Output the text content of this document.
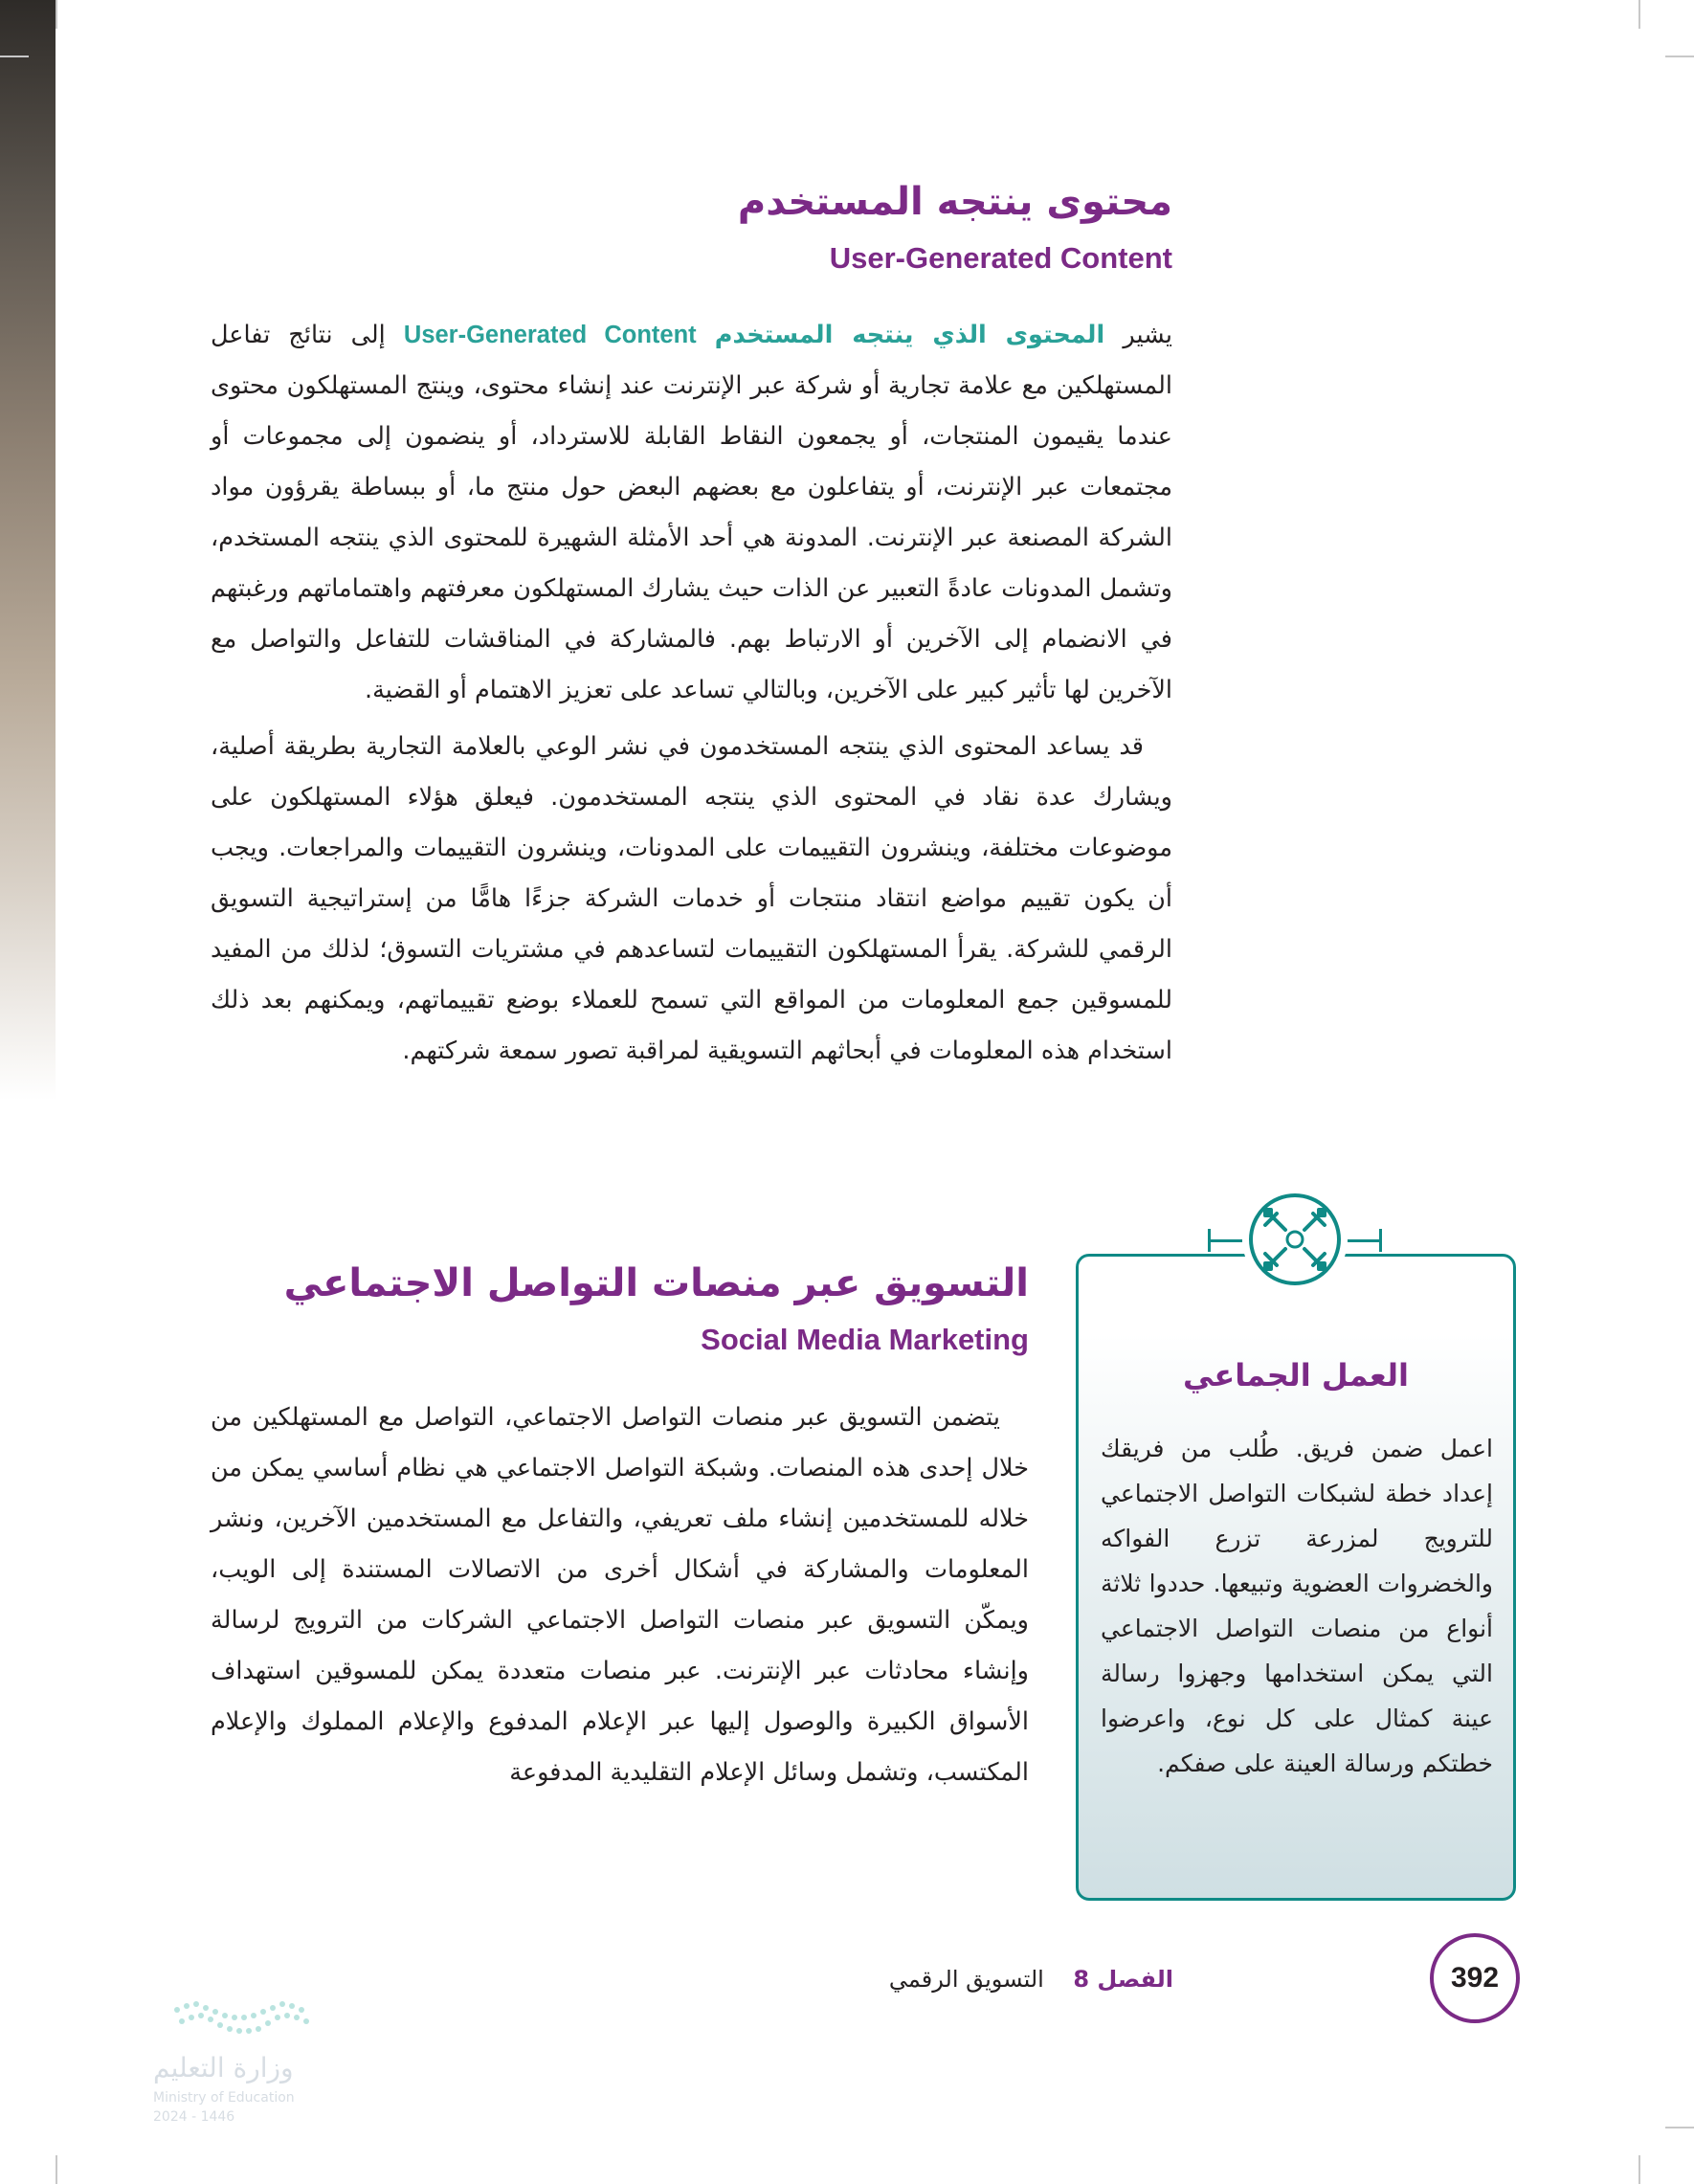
محتوى ينتجه المستخدم
User-Generated Content

يشير المحتوى الذي ينتجه المستخدم User-Generated Content إلى نتائج تفاعل المستهلكين مع علامة تجارية أو شركة عبر الإنترنت عند إنشاء محتوى، وينتج المستهلكون محتوى عندما يقيمون المنتجات، أو يجمعون النقاط القابلة للاسترداد، أو ينضمون إلى مجموعات أو مجتمعات عبر الإنترنت، أو يتفاعلون مع بعضهم البعض حول منتج ما، أو ببساطة يقرؤون مواد الشركة المصنعة عبر الإنترنت. المدونة هي أحد الأمثلة الشهيرة للمحتوى الذي ينتجه المستخدم، وتشمل المدونات عادةً التعبير عن الذات حيث يشارك المستهلكون معرفتهم واهتماماتهم ورغبتهم في الانضمام إلى الآخرين أو الارتباط بهم. فالمشاركة في المناقشات للتفاعل والتواصل مع الآخرين لها تأثير كبير على الآخرين، وبالتالي تساعد على تعزيز الاهتمام أو القضية.

قد يساعد المحتوى الذي ينتجه المستخدمون في نشر الوعي بالعلامة التجارية بطريقة أصلية، ويشارك عدة نقاد في المحتوى الذي ينتجه المستخدمون. فيعلق هؤلاء المستهلكون على موضوعات مختلفة، وينشرون التقييمات على المدونات، وينشرون التقييمات والمراجعات. ويجب أن يكون تقييم مواضع انتقاد منتجات أو خدمات الشركة جزءًا هامًّا من إستراتيجية التسويق الرقمي للشركة. يقرأ المستهلكون التقييمات لتساعدهم في مشتريات التسوق؛ لذلك من المفيد للمسوقين جمع المعلومات من المواقع التي تسمح للعملاء بوضع تقييماتهم، ويمكنهم بعد ذلك استخدام هذه المعلومات في أبحاثهم التسويقية لمراقبة تصور سمعة شركتهم.

التسويق عبر منصات التواصل الاجتماعي
Social Media Marketing

يتضمن التسويق عبر منصات التواصل الاجتماعي، التواصل مع المستهلكين من خلال إحدى هذه المنصات. وشبكة التواصل الاجتماعي هي نظام أساسي يمكن من خلاله للمستخدمين إنشاء ملف تعريفي، والتفاعل مع المستخدمين الآخرين، ونشر المعلومات والمشاركة في أشكال أخرى من الاتصالات المستندة إلى الويب، ويمكّن التسويق عبر منصات التواصل الاجتماعي الشركات من الترويج لرسالة وإنشاء محادثات عبر الإنترنت. عبر منصات متعددة يمكن للمسوقين استهداف الأسواق الكبيرة والوصول إليها عبر الإعلام المدفوع والإعلام المملوك والإعلام المكتسب، وتشمل وسائل الإعلام التقليدية المدفوعة

العمل الجماعي

اعمل ضمن فريق. طُلب من فريقك إعداد خطة لشبكات التواصل الاجتماعي للترويج لمزرعة تزرع الفواكه والخضروات العضوية وتبيعها. حددوا ثلاثة أنواع من منصات التواصل الاجتماعي التي يمكن استخدامها وجهزوا رسالة عينة كمثال على كل نوع، واعرضوا خطتكم ورسالة العينة على صفكم.

الفصل 8    التسويق الرقمي	392

وزارة التعليم

Ministry of Education

2024 - 1446
